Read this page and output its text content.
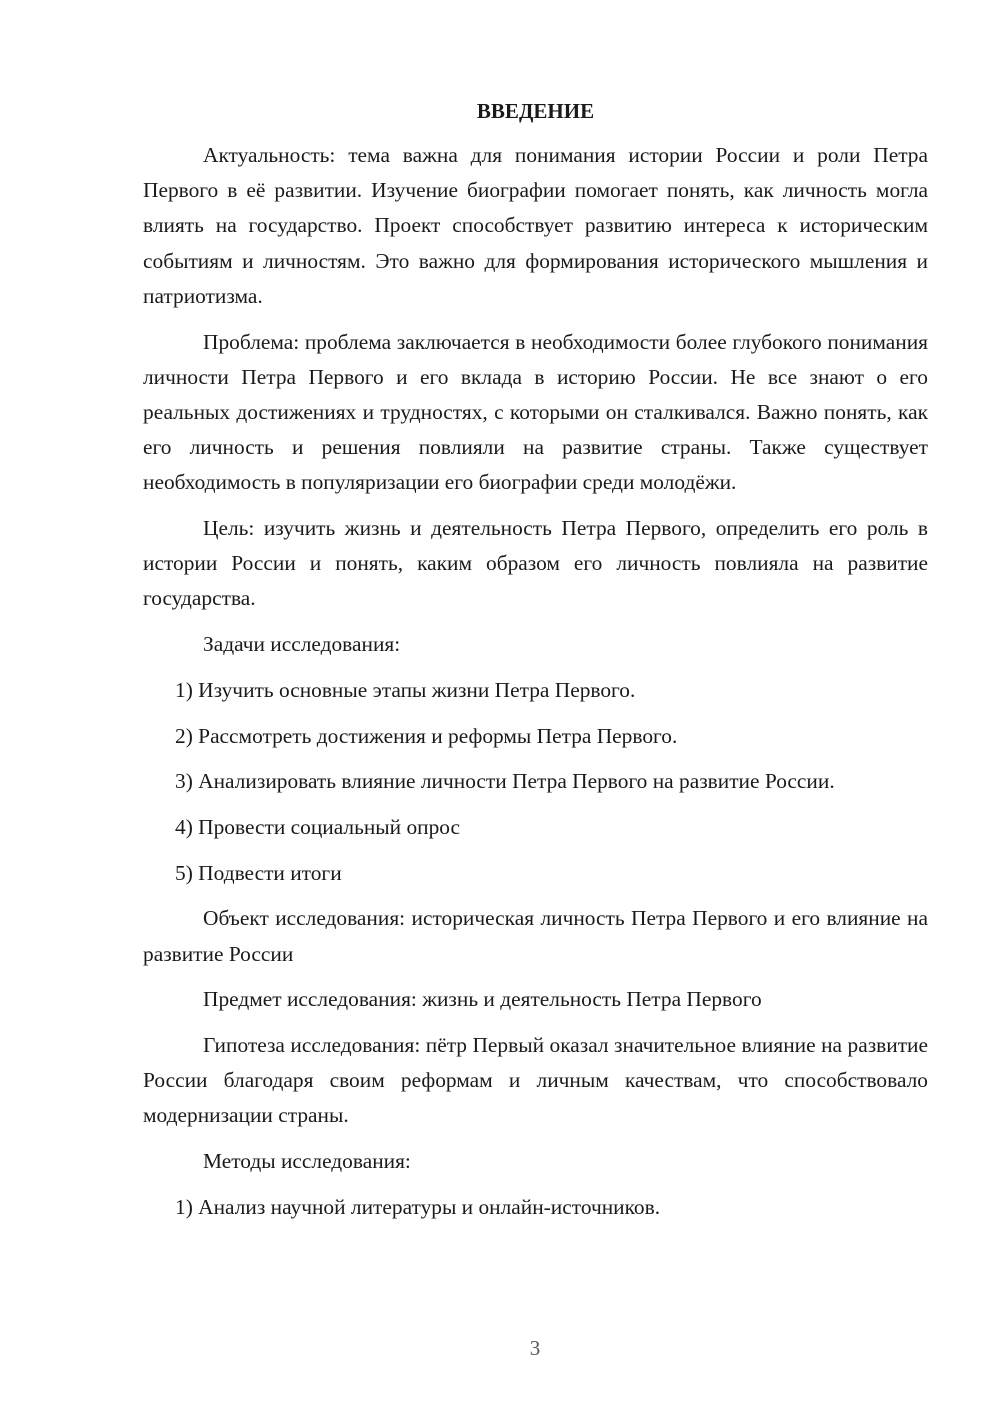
ВВЕДЕНИЕ

Актуальность: тема важна для понимания истории России и роли Петра Первого в её развитии. Изучение биографии помогает понять, как личность могла влиять на государство. Проект способствует развитию интереса к историческим событиям и личностям. Это важно для формирования исторического мышления и патриотизма.

Проблема: проблема заключается в необходимости более глубокого понимания личности Петра Первого и его вклада в историю России. Не все знают о его реальных достижениях и трудностях, с которыми он сталкивался. Важно понять, как его личность и решения повлияли на развитие страны. Также существует необходимость в популяризации его биографии среди молодёжи.

Цель: изучить жизнь и деятельность Петра Первого, определить его роль в истории России и понять, каким образом его личность повлияла на развитие государства.

Задачи исследования:

1) Изучить основные этапы жизни Петра Первого.

2) Рассмотреть достижения и реформы Петра Первого.

3) Анализировать влияние личности Петра Первого на развитие России.

4) Провести социальный опрос

5) Подвести итоги

Объект исследования: историческая личность Петра Первого и его влияние на развитие России

Предмет исследования: жизнь и деятельность Петра Первого

Гипотеза исследования: пётр Первый оказал значительное влияние на развитие России благодаря своим реформам и личным качествам, что способствовало модернизации страны.

Методы исследования:

1) Анализ научной литературы и онлайн-источников.

3
